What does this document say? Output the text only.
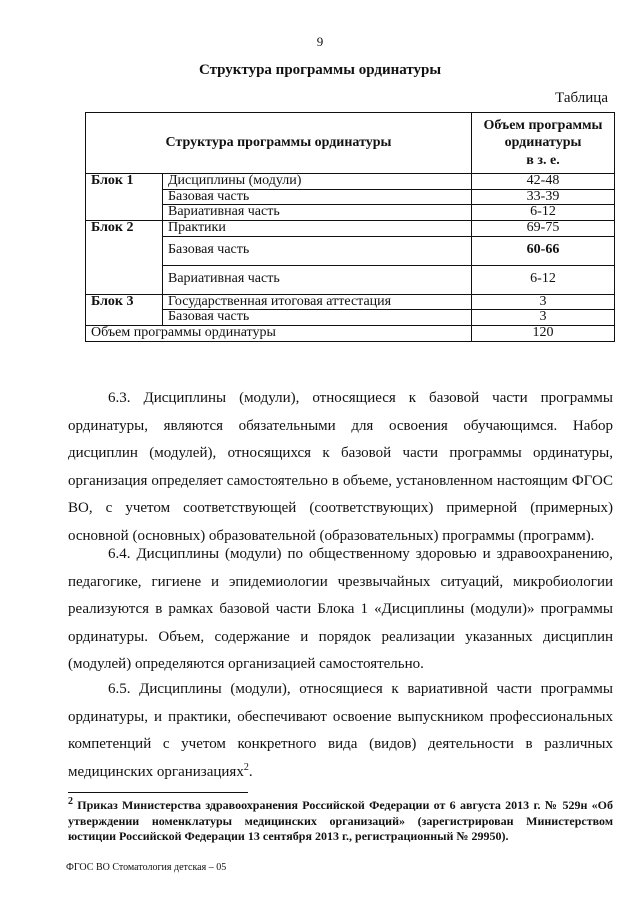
9
Структура программы ординатуры
Таблица
Структура программы ординатуры		Объем программы
ординатуры
в з. е.
Блок 1	Дисциплины (модули)	42-48
	Базовая часть	33-39
	Вариативная часть	6-12
Блок 2	Практики	69-75
	Базовая часть	60-66
	Вариативная часть	6-12
Блок 3	Государственная итоговая аттестация	3
	Базовая часть	3
Объем программы ординатуры		120

6.3. Дисциплины (модули), относящиеся к базовой части программы ординатуры, являются обязательными для освоения обучающимся. Набор дисциплин (модулей), относящихся к базовой части программы ординатуры, организация определяет самостоятельно в объеме, установленном настоящим ФГОС ВО, с учетом соответствующей (соответствующих) примерной (примерных) основной (основных) образовательной (образовательных) программы (программ).

6.4. Дисциплины (модули) по общественному здоровью и здравоохранению, педагогике, гигиене и эпидемиологии чрезвычайных ситуаций, микробиологии реализуются в рамках базовой части Блока 1 «Дисциплины (модули)» программы ординатуры. Объем, содержание и порядок реализации указанных дисциплин (модулей) определяются организацией самостоятельно.

6.5. Дисциплины (модули), относящиеся к вариативной части программы ординатуры, и практики, обеспечивают освоение выпускником профессиональных компетенций с учетом конкретного вида (видов) деятельности в различных медицинских организациях$^2$.

$^2$ Приказ Министерства здравоохранения Российской Федерации от 6 августа 2013 г. № 529н «Об утверждении номенклатуры медицинских организаций» (зарегистрирован Министерством юстиции Российской Федерации 13 сентября 2013 г., регистрационный № 29950).

ФГОС ВО Стоматология детская – 05
